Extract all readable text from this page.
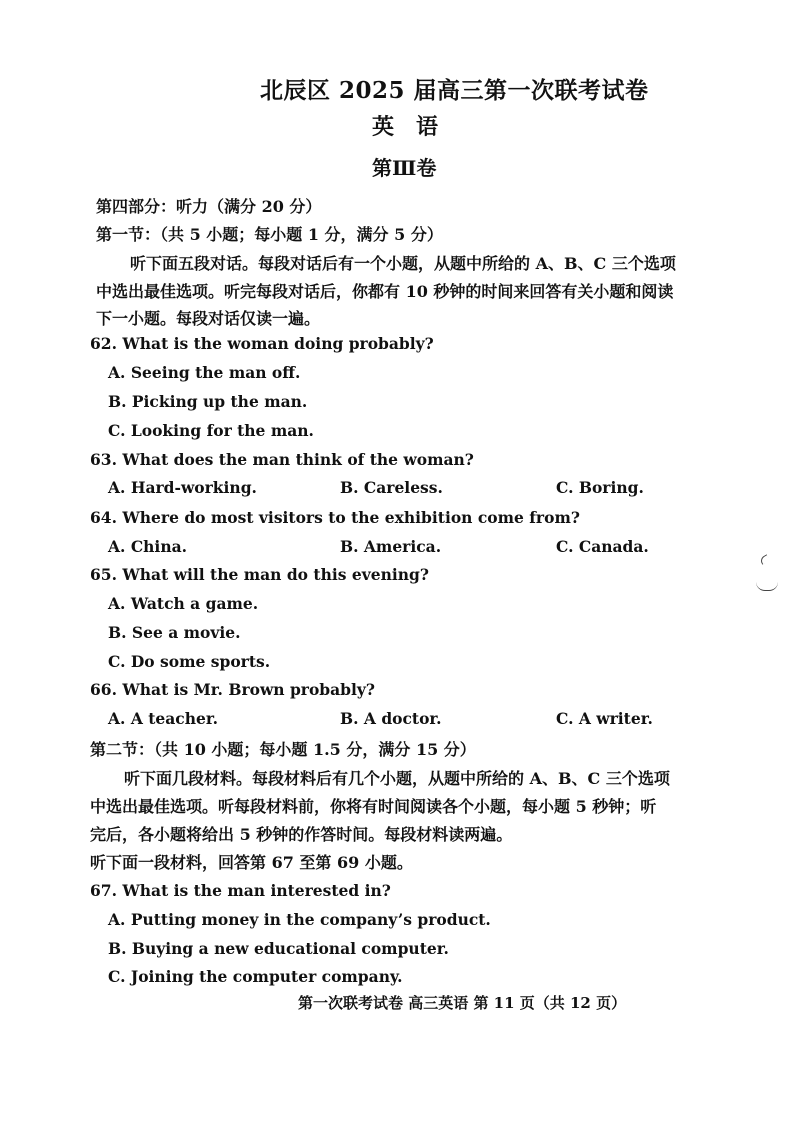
北辰区 2025 届高三第一次联考试卷
英语
第Ⅲ卷
第四部分：听力（满分 20 分）
第一节：（共 5 小题；每小题 1 分，满分 5 分）
听下面五段对话。每段对话后有一个小题，从题中所给的 A、B、C 三个选项
中选出最佳选项。听完每段对话后，你都有 10 秒钟的时间来回答有关小题和阅读
下一小题。每段对话仅读一遍。
62. What is the woman doing probably?
A. Seeing the man off.
B. Picking up the man.
C. Looking for the man.
63. What does the man think of the woman?
A. Hard-working.	B. Careless.	C. Boring.
64. Where do most visitors to the exhibition come from?
A. China.	B. America.	C. Canada.
65. What will the man do this evening?
A. Watch a game.
B. See a movie.
C. Do some sports.
66. What is Mr. Brown probably?
A. A teacher.	B. A doctor.	C. A writer.
第二节：（共 10 小题；每小题 1.5 分，满分 15 分）
听下面几段材料。每段材料后有几个小题，从题中所给的 A、B、C 三个选项
中选出最佳选项。听每段材料前，你将有时间阅读各个小题，每小题 5 秒钟；听
完后，各小题将给出 5 秒钟的作答时间。每段材料读两遍。
听下面一段材料，回答第 67 至第 69 小题。
67. What is the man interested in?
A. Putting money in the company’s product.
B. Buying a new educational computer.
C. Joining the computer company.
第一次联考试卷 高三英语 第 11 页（共 12 页）
